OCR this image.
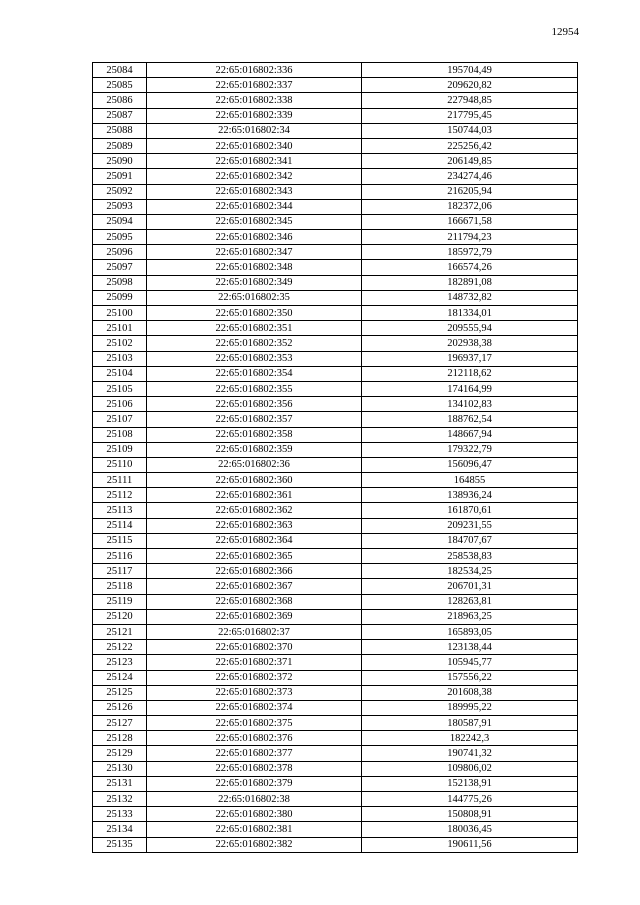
12954
25084	22:65:016802:336	195704,49
25085	22:65:016802:337	209620,82
25086	22:65:016802:338	227948,85
25087	22:65:016802:339	217795,45
25088	22:65:016802:34	150744,03
25089	22:65:016802:340	225256,42
25090	22:65:016802:341	206149,85
25091	22:65:016802:342	234274,46
25092	22:65:016802:343	216205,94
25093	22:65:016802:344	182372,06
25094	22:65:016802:345	166671,58
25095	22:65:016802:346	211794,23
25096	22:65:016802:347	185972,79
25097	22:65:016802:348	166574,26
25098	22:65:016802:349	182891,08
25099	22:65:016802:35	148732,82
25100	22:65:016802:350	181334,01
25101	22:65:016802:351	209555,94
25102	22:65:016802:352	202938,38
25103	22:65:016802:353	196937,17
25104	22:65:016802:354	212118,62
25105	22:65:016802:355	174164,99
25106	22:65:016802:356	134102,83
25107	22:65:016802:357	188762,54
25108	22:65:016802:358	148667,94
25109	22:65:016802:359	179322,79
25110	22:65:016802:36	156096,47
25111	22:65:016802:360	164855
25112	22:65:016802:361	138936,24
25113	22:65:016802:362	161870,61
25114	22:65:016802:363	209231,55
25115	22:65:016802:364	184707,67
25116	22:65:016802:365	258538,83
25117	22:65:016802:366	182534,25
25118	22:65:016802:367	206701,31
25119	22:65:016802:368	128263,81
25120	22:65:016802:369	218963,25
25121	22:65:016802:37	165893,05
25122	22:65:016802:370	123138,44
25123	22:65:016802:371	105945,77
25124	22:65:016802:372	157556,22
25125	22:65:016802:373	201608,38
25126	22:65:016802:374	189995,22
25127	22:65:016802:375	180587,91
25128	22:65:016802:376	182242,3
25129	22:65:016802:377	190741,32
25130	22:65:016802:378	109806,02
25131	22:65:016802:379	152138,91
25132	22:65:016802:38	144775,26
25133	22:65:016802:380	150808,91
25134	22:65:016802:381	180036,45
25135	22:65:016802:382	190611,56
